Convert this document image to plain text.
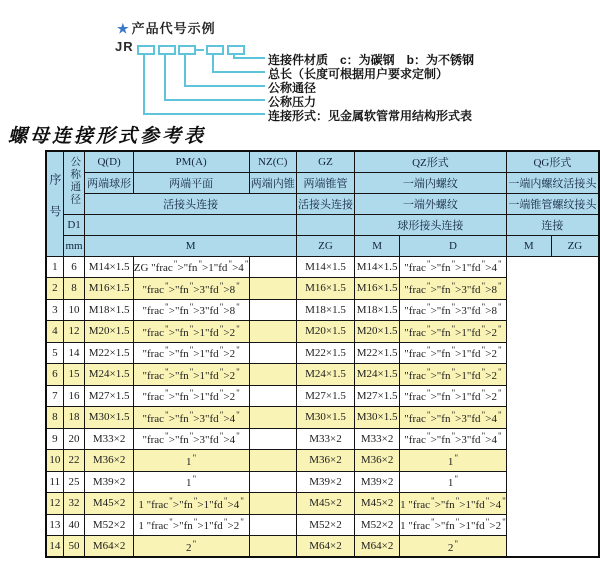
★ 产品代号示例
JR
连接件材质　c：为碳钢　b：为不锈钢
总长（长度可根据用户要求定制）
公称通径
公称压力
连接形式：见金属软管常用结构形式表
螺母连接形式参考表
序号	公称通径	Q(D)	PM(A)	NZ(C)	GZ	QZ形式		QG形式	
		两端球形	两端平面	两端内锥	两端锥管	一端内螺纹		一端内螺纹活接头	
		活接头连接			活接头连接	一端外螺纹		一端锥管螺纹接头	
	D1					球形接头连接		连接	
	mm	M			ZG	M	D	M	ZG
1	6	M14×1.5	ZG "frac">"fn">1"fd">4"		M14×1.5	M14×1.5	"frac">"fn">1"fd">4"
2	8	M16×1.5	"frac">"fn">3"fd">8"		M16×1.5	M16×1.5	"frac">"fn">3"fd">8"
3	10	M18×1.5	"frac">"fn">3"fd">8"		M18×1.5	M18×1.5	"frac">"fn">3"fd">8"
4	12	M20×1.5	"frac">"fn">1"fd">2"		M20×1.5	M20×1.5	"frac">"fn">1"fd">2"
5	14	M22×1.5	"frac">"fn">1"fd">2"		M22×1.5	M22×1.5	"frac">"fn">1"fd">2"
6	15	M24×1.5	"frac">"fn">1"fd">2"		M24×1.5	M24×1.5	"frac">"fn">1"fd">2"
7	16	M27×1.5	"frac">"fn">1"fd">2"		M27×1.5	M27×1.5	"frac">"fn">1"fd">2"
8	18	M30×1.5	"frac">"fn">3"fd">4"		M30×1.5	M30×1.5	"frac">"fn">3"fd">4"
9	20	M33×2	"frac">"fn">3"fd">4"		M33×2	M33×2	"frac">"fn">3"fd">4"
10	22	M36×2	1"		M36×2	M36×2	1"
11	25	M39×2	1"		M39×2	M39×2	1"
12	32	M45×2	1 "frac">"fn">1"fd">4"		M45×2	M45×2	1 "frac">"fn">1"fd">4"
13	40	M52×2	1 "frac">"fn">1"fd">2"		M52×2	M52×2	1 "frac">"fn">1"fd">2"
14	50	M64×2	2"		M64×2	M64×2	2"
